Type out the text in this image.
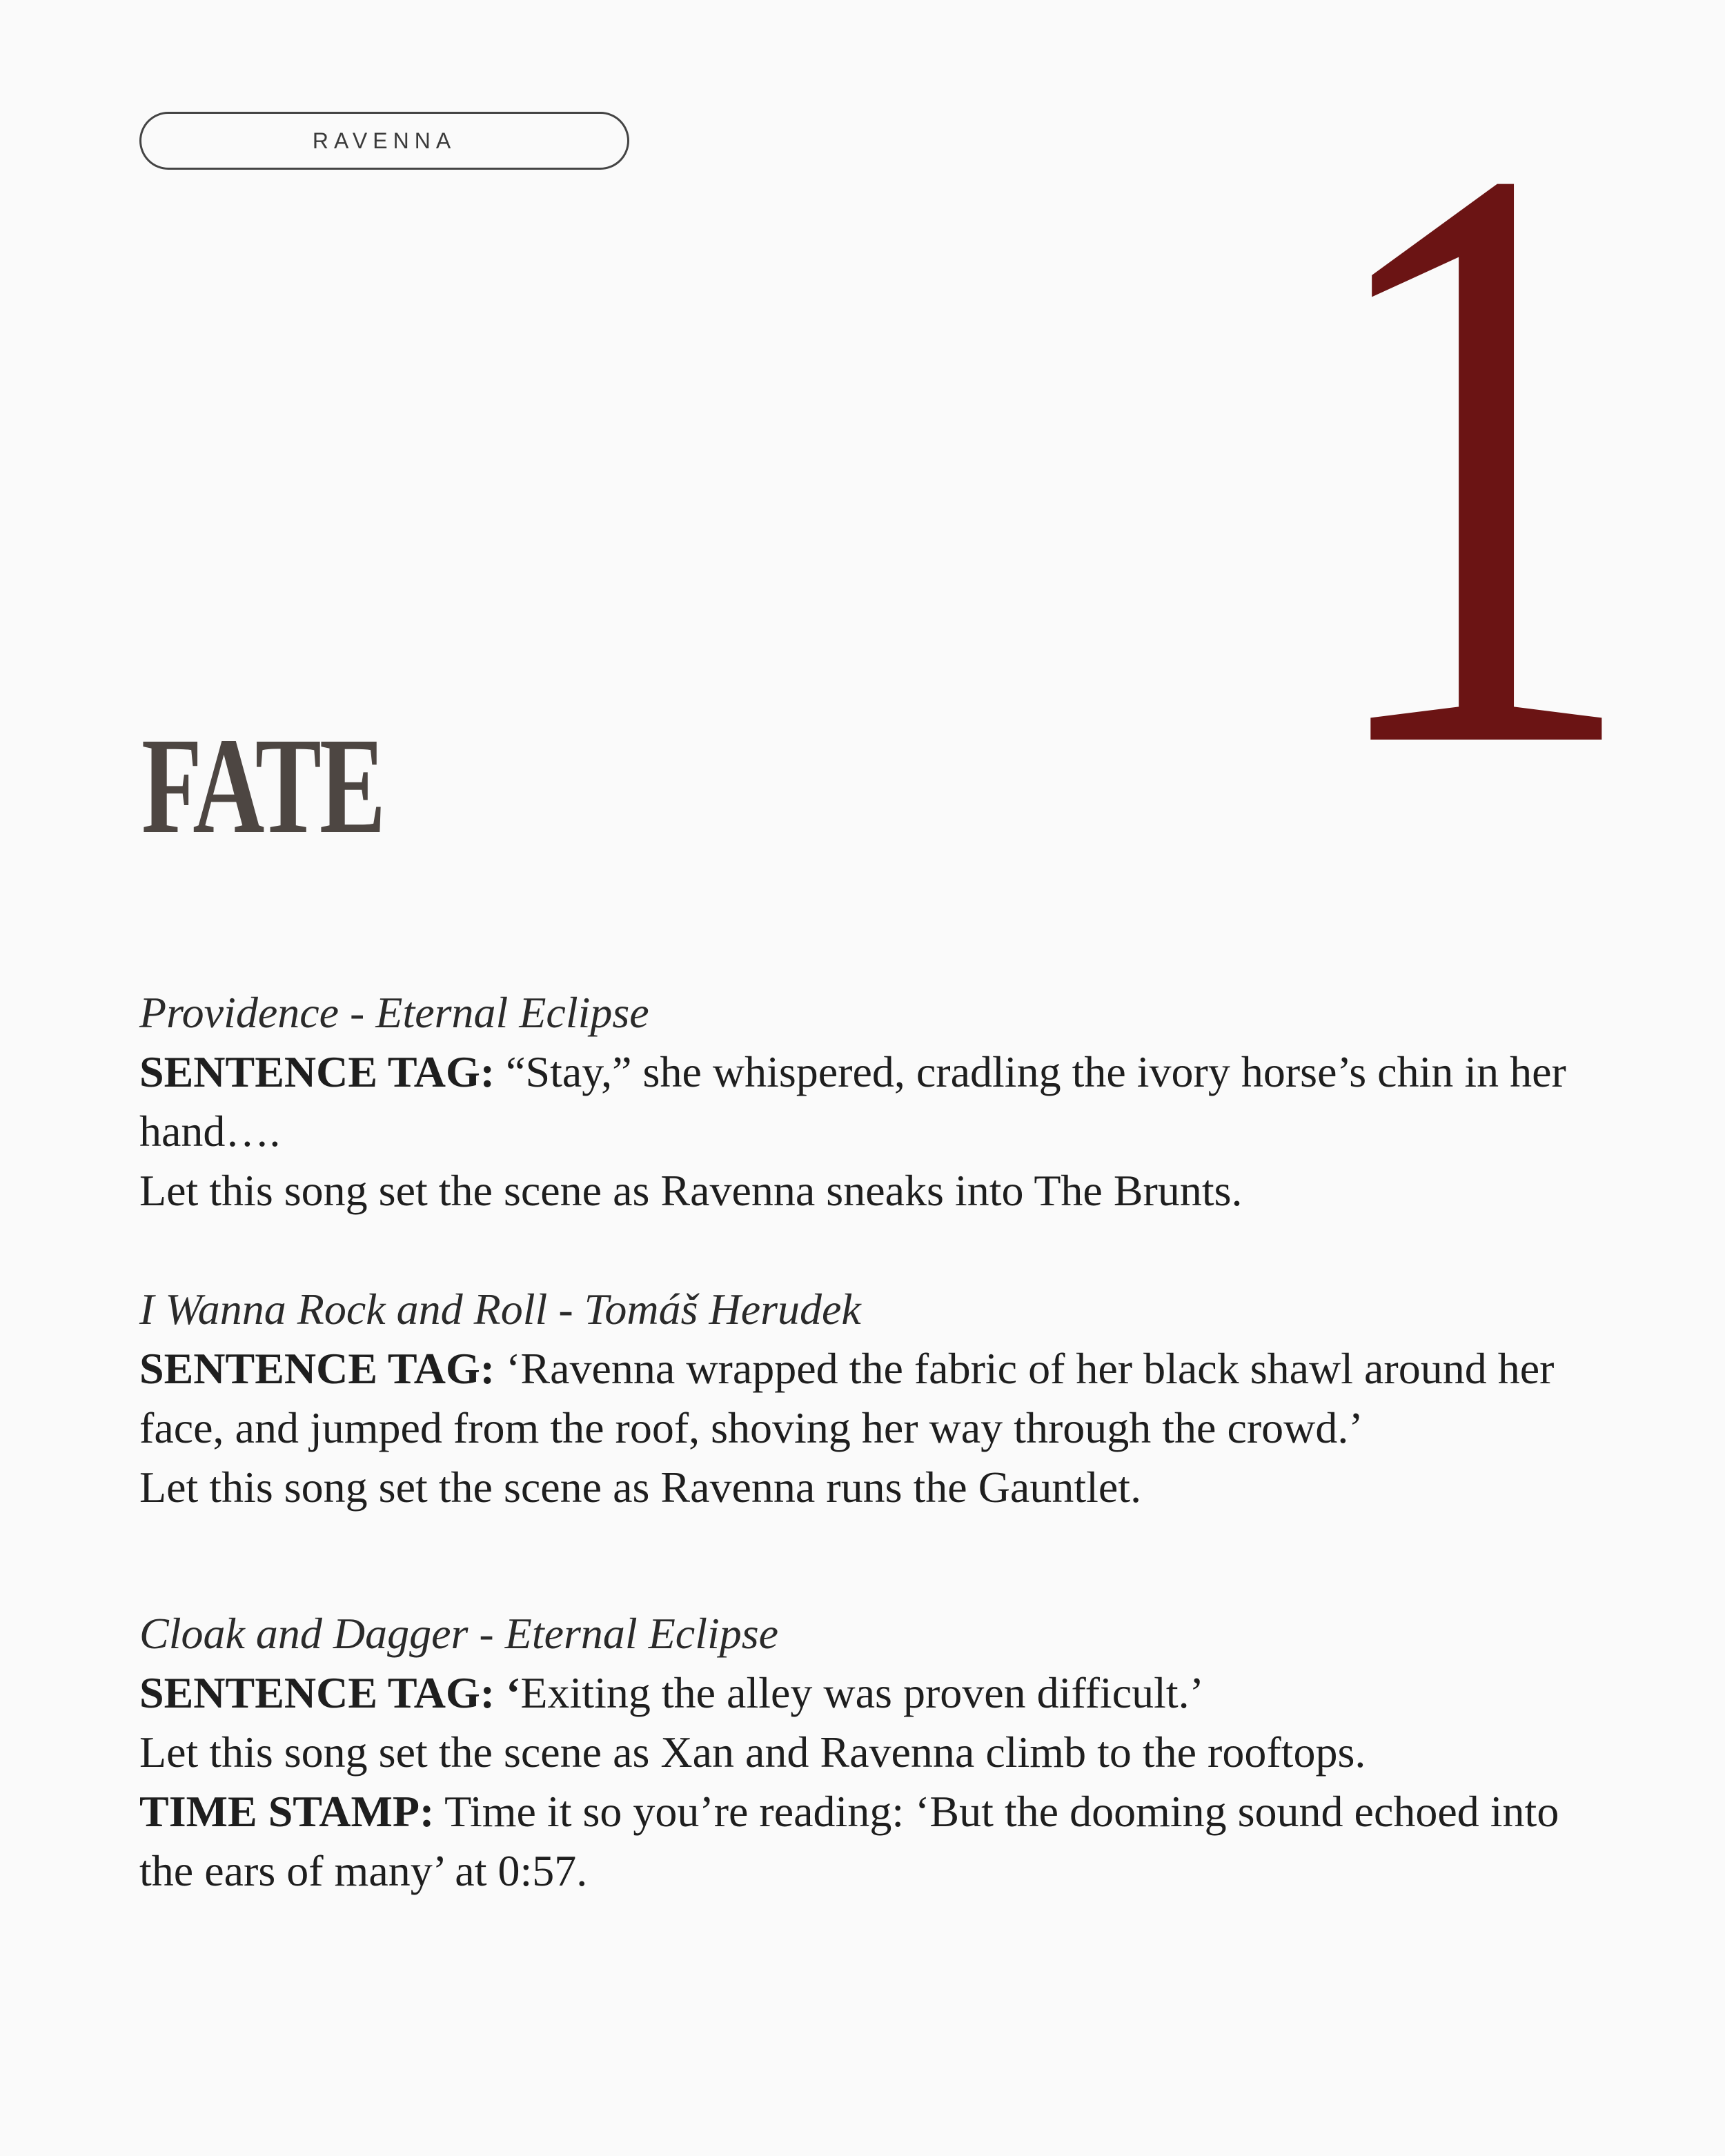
RAVENNA 1
FATE

Providence - Eternal Eclipse

SENTENCE TAG: “Stay,” she whispered, cradling the ivory horse’s chin in her hand….

Let this song set the scene as Ravenna sneaks into The Brunts.

I Wanna Rock and Roll - Tomáš Herudek

SENTENCE TAG: ‘Ravenna wrapped the fabric of her black shawl around her face, and jumped from the roof, shoving her way through the crowd.’

Let this song set the scene as Ravenna runs the Gauntlet.

Cloak and Dagger - Eternal Eclipse

SENTENCE TAG: ‘Exiting the alley was proven difficult.’

Let this song set the scene as Xan and Ravenna climb to the rooftops.

TIME STAMP: Time it so you’re reading: ‘But the dooming sound echoed into the ears of many’ at 0:57.
